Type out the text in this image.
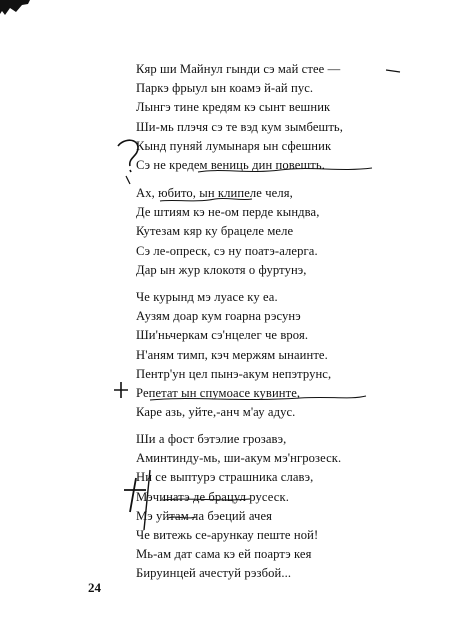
Кяр ши Майнул гынди сэ май стее —
Паркэ фрыул ын коамэ й-ай пус.
Лынгэ тине кредям кэ сынт вешник
Ши-мь плэчя сэ те вэд кум зымбешть,
Кынд пуняй лумынаря ын сфешник
Сэ не кредем вениць дин повешть.
Ах, юбито, ын клипеле челя,
Де штиям кэ не-ом перде кындва,
Кутезам кяр ку брацеле меле
Сэ ле-опреск, сэ ну поатэ-алерга.
Дар ын жур клокотя о фуртунэ,
Че курынд мэ луасе ку еа.
Аузям доар кум гоарна рэсунэ
Ши'ньчеркам сэ'нцелег че вроя.
Н'аням тимп, кэч мержям ынаинте.
Пентр'ун цел пынэ-акум непэтрунс,
Репетат ын спумоасе кувинте,
Каре азь, уйте,-анч м'ау адус.
Ши а фост бэтэлие грозавэ,
Аминтинду-мь, ши-акум мэ'нгрозеск.
Ни се выптурэ страшника славэ,
Мэчинатэ де брацул русеск.
Мэ уйтам ла бэеций ачея
Че витежь се-арункау пеште ной!
Мь-ам дат сама кэ ей поартэ кея
Бируинцей ачестуй рэзбой...
24
